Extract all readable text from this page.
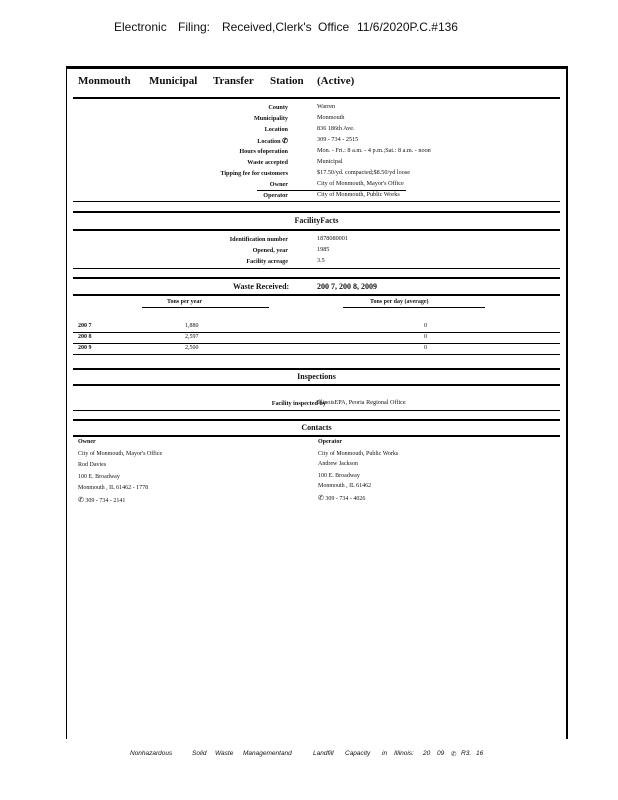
Electronic Filing: Received,Clerk's Office 11/6/2020P.C.#136
Monmouth Municipal Transfer Station (Active)
County	Warren
Municipality	Monmouth
Location	836 186th Ave.
Location ✆	309 - 734 - 2515
Hours ofoperation	Mon. - Fri.: 8 a.m. - 4 p.m.;Sat.: 8 a.m. - noon
Waste accepted	Municipal
Tipping fee for customers	$17.50/yd. compacted;$8.50/yd loose
Owner	City of Monmouth, Mayor's Office
Operator	City of Monmouth, Public Works
FacilityFacts
Identification number	1878080001
Opened, year	1985
Facility acreage	3.5
Waste Received:	200 7, 200 8, 2009
Tons per year	Tons per day (average)
200 7	1,880	0
200 8	2,597	0
200 9	2,500	0
Inspections
Facility inspected by
IllinoisEPA, Peoria Regional Office
Contacts
Owner
City of Monmouth, Mayor's Office
Rod Davies
100 E. Broadway
Monmouth , IL 61462 - 1778
✆ 309 - 734 - 2141
Operator
City of Monmouth, Public Works
Andrew Jackson
100 E. Broadway
Monmouth , IL 61462
✆ 309 - 734 - 4026
Nonhazardous	Solid Waste Managementand	Landfill Capacity in Illinois: 20 09 ✆ R3. 16
